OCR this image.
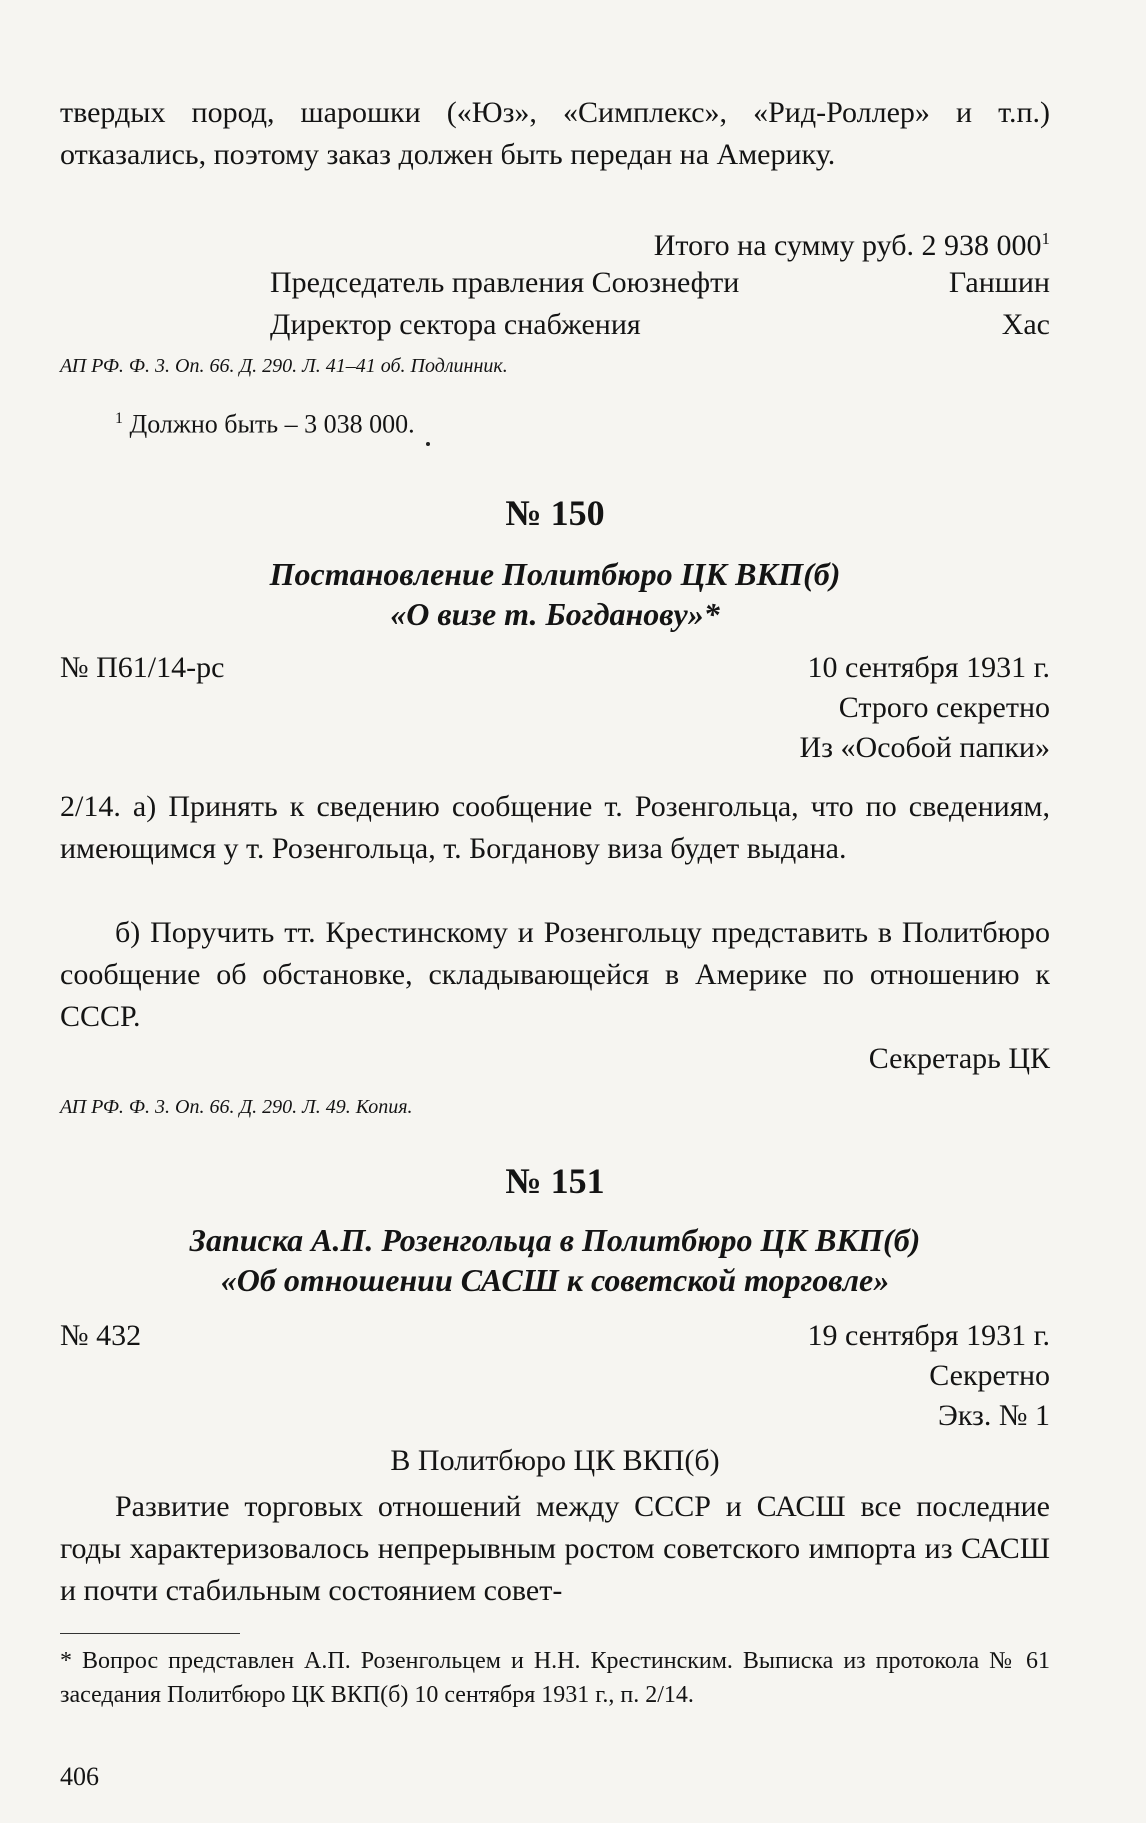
твердых пород, шарошки («Юз», «Симплекс», «Рид-Роллер» и т.п.) отказались, поэтому заказ должен быть передан на Америку.

Итого на сумму руб. 2 938 $000^1$
Председатель правления Союзнефти	Ганшин
Директор сектора снабжения	Хас
АП РФ. Ф. 3. Оп. 66. Д. 290. Л. 41–41 об. Подлинник.
$^1$ Должно быть – 3 038 000.
№ 150
Постановление Политбюро ЦК ВКП(б)
«О визе т. Богданову»*
№ П61/14-рс	10 сентября 1931 г.
Строго секретно
Из «Особой папки»

2/14. а) Принять к сведению сообщение т. Розенгольца, что по сведениям, имеющимся у т. Розенгольца, т. Богданову виза будет выдана.

б) Поручить тт. Крестинскому и Розенгольцу представить в Политбюро сообщение об обстановке, складывающейся в Америке по отношению к СССР.

Секретарь ЦК
АП РФ. Ф. 3. Оп. 66. Д. 290. Л. 49. Копия.
№ 151
Записка А.П. Розенгольца в Политбюро ЦК ВКП(б)
«Об отношении САСШ к советской торговле»
№ 432	19 сентября 1931 г.
Секретно
Экз. № 1
В Политбюро ЦК ВКП(б)

Развитие торговых отношений между СССР и САСШ все последние годы характеризовалось непрерывным ростом советского импорта из САСШ и почти стабильным состоянием совет-

* Вопрос представлен А.П. Розенгольцем и Н.Н. Крестинским. Выписка из протокола № 61 заседания Политбюро ЦК ВКП(б) 10 сентября 1931 г., п. 2/14.
406
